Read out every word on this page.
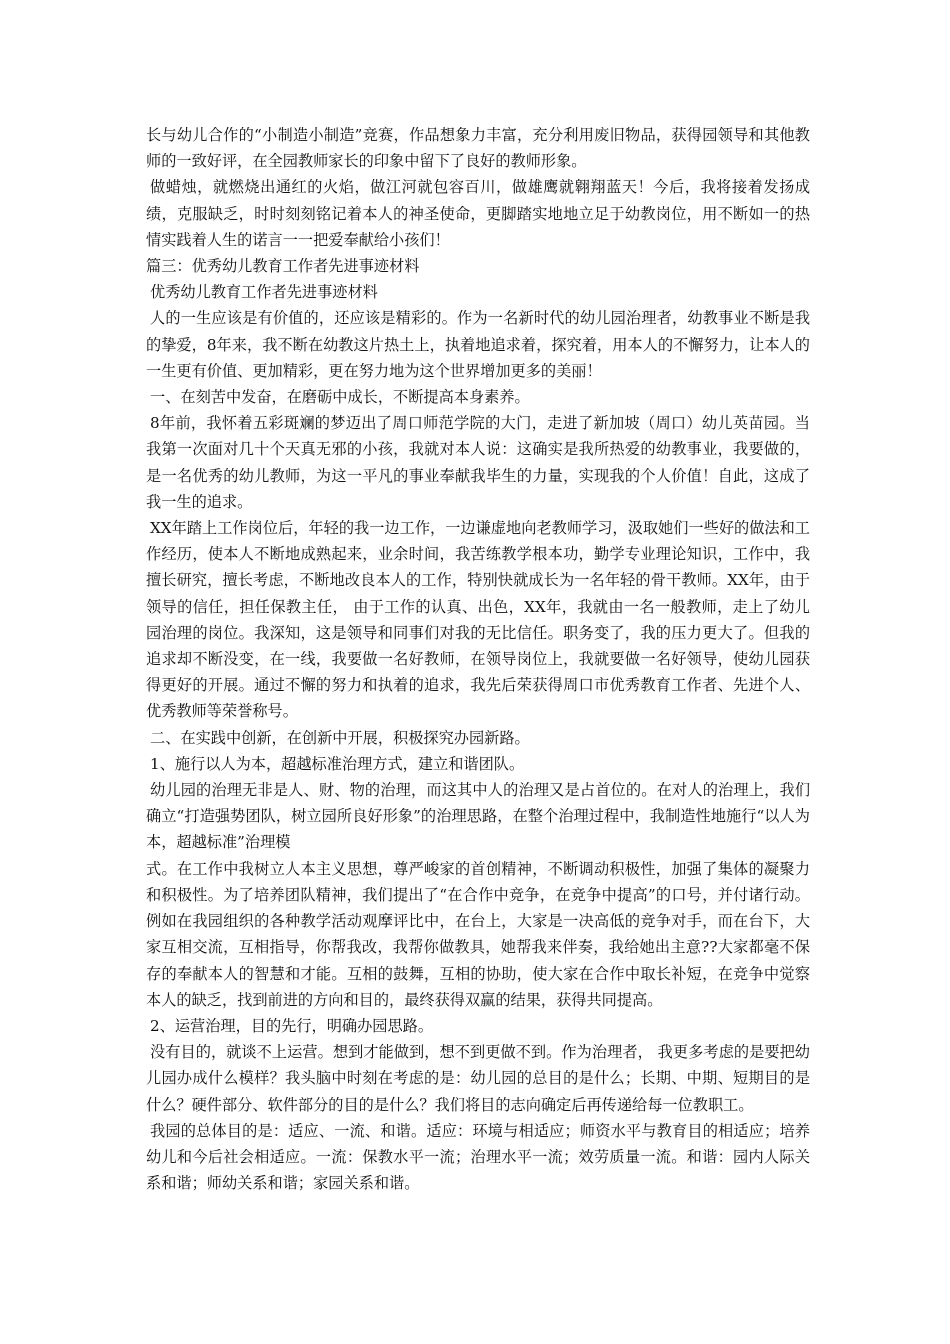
长与幼儿合作的“小制造小制造”竞赛，作品想象力丰富，充分利用废旧物品，获得园领导和其他教师的一致好评，在全园教师家长的印象中留下了良好的教师形象。

做蜡烛，就燃烧出通红的火焰，做江河就包容百川，做雄鹰就翱翔蓝天！今后，我将接着发扬成绩，克服缺乏，时时刻刻铭记着本人的神圣使命，更脚踏实地地立足于幼教岗位，用不断如一的热情实践着人生的诺言一一把爱奉献给小孩们！

篇三：优秀幼儿教育工作者先进事迹材料

优秀幼儿教育工作者先进事迹材料

人的一生应该是有价值的，还应该是精彩的。作为一名新时代的幼儿园治理者，幼教事业不断是我的挚爱，8年来，我不断在幼教这片热土上，执着地追求着，探究着，用本人的不懈努力，让本人的一生更有价值、更加精彩，更在努力地为这个世界增加更多的美丽！

一、在刻苦中发奋，在磨砺中成长，不断提高本身素养。

8年前，我怀着五彩斑斓的梦迈出了周口师范学院的大门，走进了新加坡（周口）幼儿英苗园。当我第一次面对几十个天真无邪的小孩，我就对本人说：这确实是我所热爱的幼教事业，我要做的，是一名优秀的幼儿教师，为这一平凡的事业奉献我毕生的力量，实现我的个人价值！自此，这成了我一生的追求。

XX年踏上工作岗位后，年轻的我一边工作，一边谦虚地向老教师学习，汲取她们一些好的做法和工作经历，使本人不断地成熟起来，业余时间，我苦练教学根本功，勤学专业理论知识，工作中，我擅长研究，擅长考虑，不断地改良本人的工作，特别快就成长为一名年轻的骨干教师。XX年，由于领导的信任，担任保教主任， 由于工作的认真、出色，XX年，我就由一名一般教师，走上了幼儿园治理的岗位。我深知，这是领导和同事们对我的无比信任。职务变了，我的压力更大了。但我的追求却不断没变，在一线，我要做一名好教师，在领导岗位上，我就要做一名好领导，使幼儿园获得更好的开展。通过不懈的努力和执着的追求，我先后荣获得周口市优秀教育工作者、先进个人、优秀教师等荣誉称号。

二、在实践中创新，在创新中开展，积极探究办园新路。

1、施行以人为本，超越标准治理方式，建立和谐团队。

幼儿园的治理无非是人、财、物的治理，而这其中人的治理又是占首位的。在对人的治理上，我们确立“打造强势团队，树立园所良好形象”的治理思路，在整个治理过程中，我制造性地施行“以人为本，超越标准”治理模

式。在工作中我树立人本主义思想，尊严峻家的首创精神，不断调动积极性，加强了集体的凝聚力和积极性。为了培养团队精神，我们提出了“在合作中竞争，在竞争中提高”的口号，并付诸行动。例如在我园组织的各种教学活动观摩评比中，在台上，大家是一决高低的竞争对手，而在台下，大家互相交流，互相指导，你帮我改，我帮你做教具，她帮我来伴奏，我给她出主意??大家都毫不保存的奉献本人的智慧和才能。互相的鼓舞，互相的协助，使大家在合作中取长补短，在竞争中觉察本人的缺乏，找到前进的方向和目的，最终获得双赢的结果，获得共同提高。

2、运营治理，目的先行，明确办园思路。

没有目的，就谈不上运营。想到才能做到，想不到更做不到。作为治理者， 我更多考虑的是要把幼儿园办成什么模样？我头脑中时刻在考虑的是：幼儿园的总目的是什么；长期、中期、短期目的是什么？硬件部分、软件部分的目的是什么？我们将目的志向确定后再传递给每一位教职工。

我园的总体目的是：适应、一流、和谐。适应：环境与相适应；师资水平与教育目的相适应；培养幼儿和今后社会相适应。一流：保教水平一流；治理水平一流；效劳质量一流。和谐：园内人际关系和谐；师幼关系和谐；家园关系和谐。
